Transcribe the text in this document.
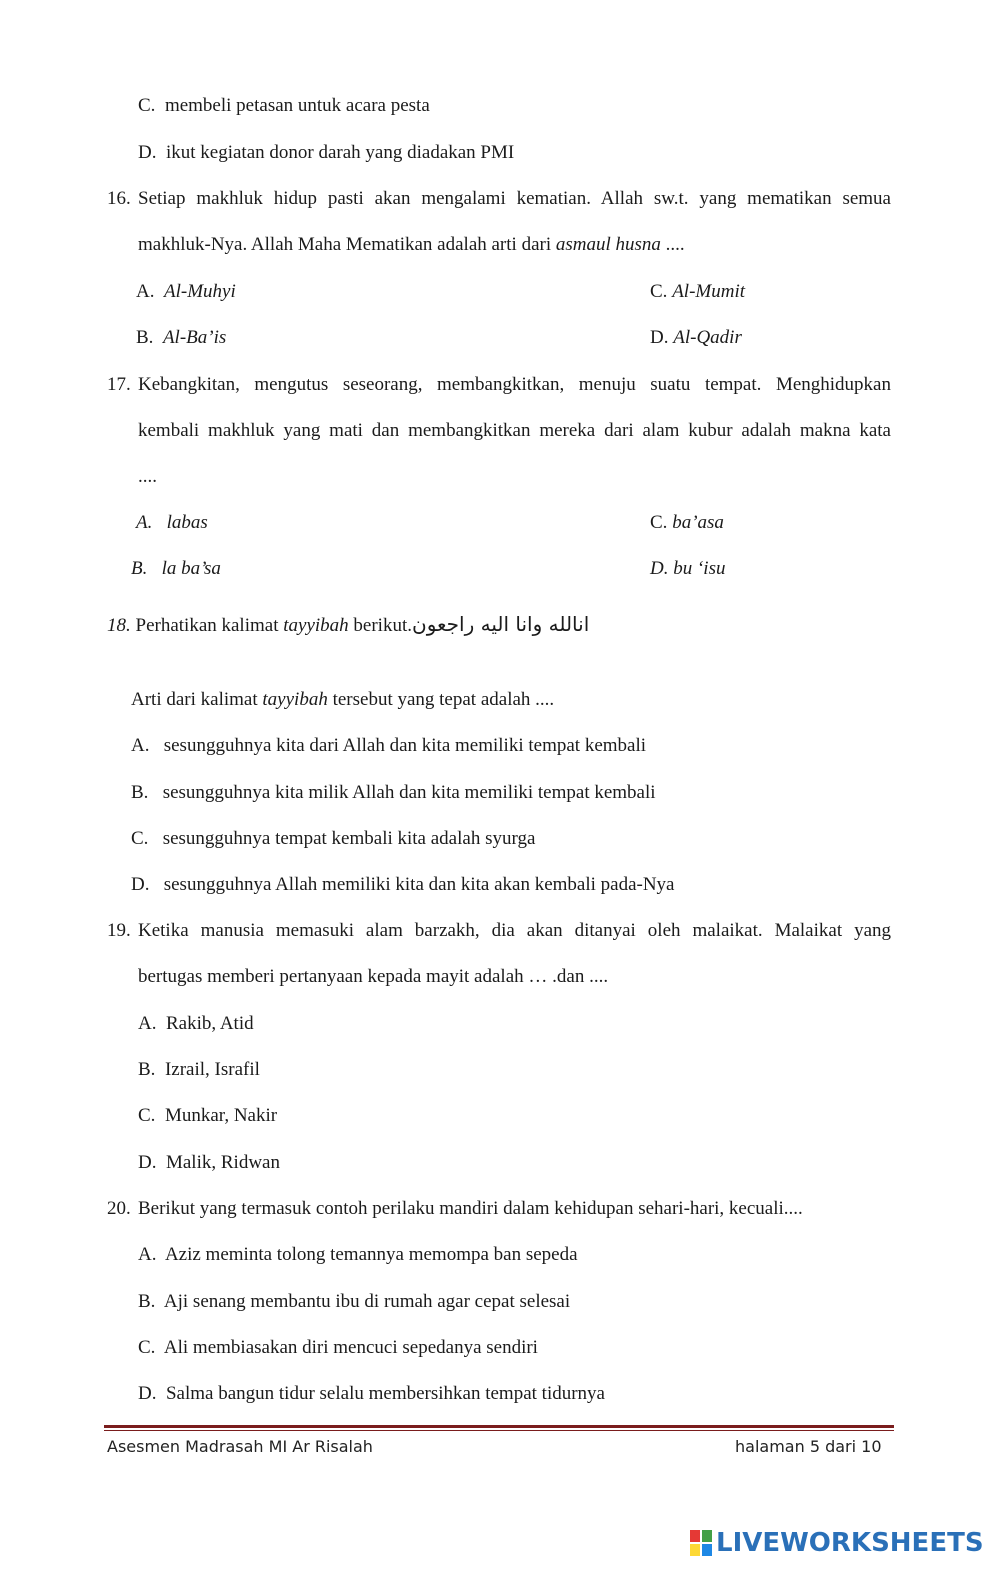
C. membeli petasan untuk acara pesta
D. ikut kegiatan donor darah yang diadakan PMI
16. Setiap makhluk hidup pasti akan mengalami kematian. Allah sw.t. yang mematikan semua
makhluk-Nya. Allah Maha Mematikan adalah arti dari asmaul husna ....
A. Al-Muhyi	C. Al-Mumit
B. Al-Ba’is	D. Al-Qadir
17. Kebangkitan, mengutus seseorang, membangkitkan, menuju suatu tempat. Menghidupkan
kembali makhluk yang mati dan membangkitkan mereka dari alam kubur adalah makna kata
....
A. labas	C. ba’asa
B. la ba’sa	D. bu ‘isu
18. Perhatikan kalimat tayyibah berikut.انالله وانا اليه راجعون
Arti dari kalimat tayyibah tersebut yang tepat adalah ....
A. sesungguhnya kita dari Allah dan kita memiliki tempat kembali
B. sesungguhnya kita milik Allah dan kita memiliki tempat kembali
C. sesungguhnya tempat kembali kita adalah syurga
D. sesungguhnya Allah memiliki kita dan kita akan kembali pada-Nya
19. Ketika manusia memasuki alam barzakh, dia akan ditanyai oleh malaikat. Malaikat yang
bertugas memberi pertanyaan kepada mayit adalah … .dan ....
A. Rakib, Atid
B. Izrail, Israfil
C. Munkar, Nakir
D. Malik, Ridwan
20. Berikut yang termasuk contoh perilaku mandiri dalam kehidupan sehari-hari, kecuali....
A. Aziz meminta tolong temannya memompa ban sepeda
B. Aji senang membantu ibu di rumah agar cepat selesai
C. Ali membiasakan diri mencuci sepedanya sendiri
D. Salma bangun tidur selalu membersihkan tempat tidurnya
Asesmen Madrasah MI Ar Risalah	halaman 5 dari 10
LIVEWORKSHEETS
